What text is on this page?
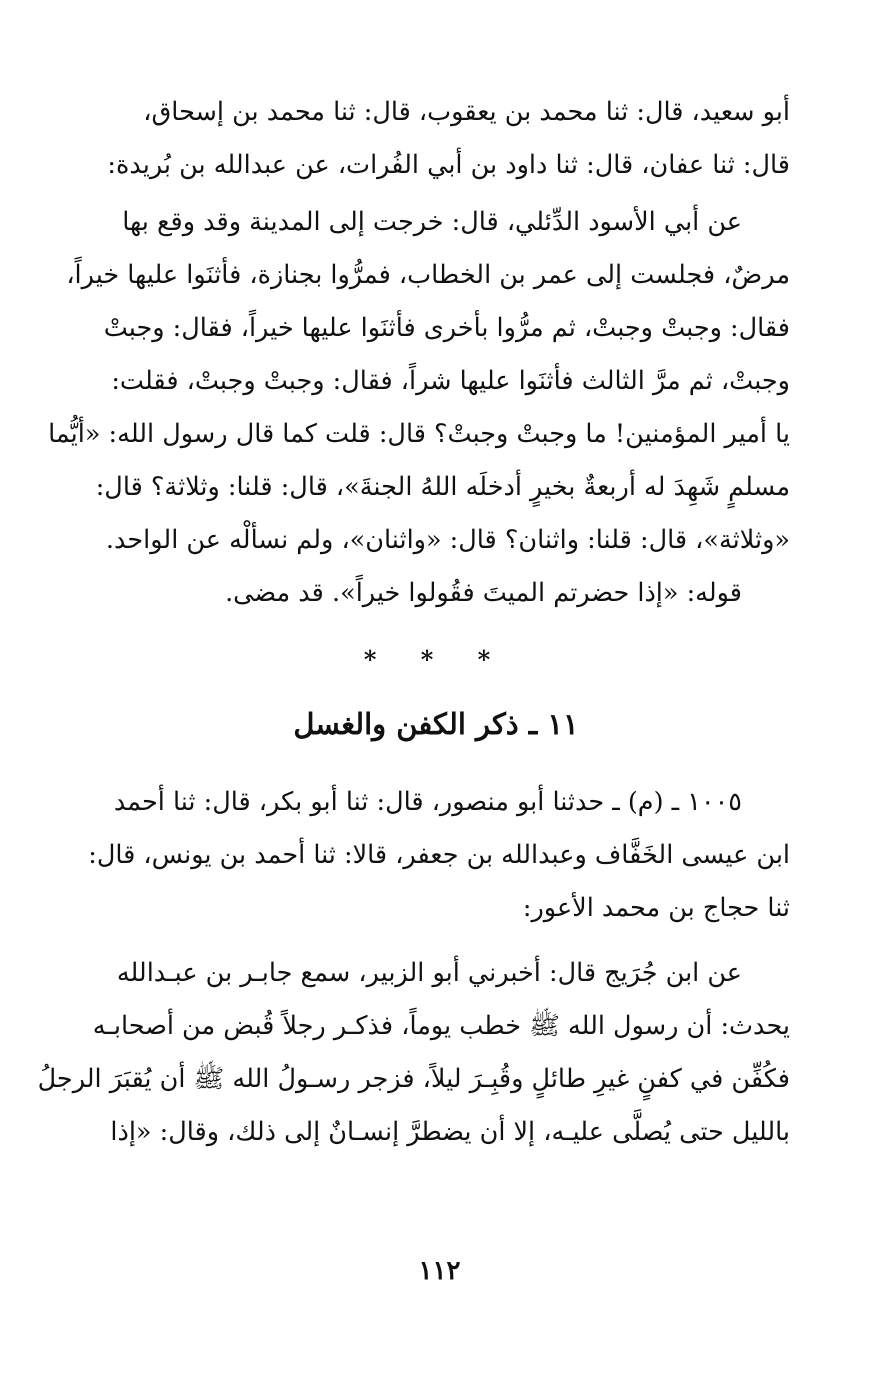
أبو سعيد، قال: ثنا محمد بن يعقوب، قال: ثنا محمد بن إسحاق،
قال: ثنا عفان، قال: ثنا داود بن أبي الفُرات، عن عبدالله بن بُريدة:

عن أبي الأسود الدِّئلي، قال: خرجت إلى المدينة وقد وقع بها
مرضٌ، فجلست إلى عمر بن الخطاب، فمرُّوا بجنازة، فأثنَوا عليها خيراً،
فقال: وجبتْ وجبتْ، ثم مرُّوا بأخرى فأثنَوا عليها خيراً، فقال: وجبتْ
وجبتْ، ثم مرَّ الثالث فأثنَوا عليها شراً، فقال: وجبتْ وجبتْ، فقلت:
يا أمير المؤمنين! ما وجبتْ وجبتْ؟ قال: قلت كما قال رسول الله: «أيُّما
مسلمٍ شَهِدَ له أربعةٌ بخيرٍ أدخلَه اللهُ الجنةَ»، قال: قلنا: وثلاثة؟ قال:
«وثلاثة»، قال: قلنا: واثنان؟ قال: «واثنان»، ولم نسألْه عن الواحد.

قوله: «إذا حضرتم الميتَ فقُولوا خيراً». قد مضى.

* * *
١١ ـ ذكر الكفن والغسل

١٠٠٥ ـ (م) ـ حدثنا أبو منصور، قال: ثنا أبو بكر، قال: ثنا أحمد
ابن عيسى الخَفَّاف وعبدالله بن جعفر، قالا: ثنا أحمد بن يونس، قال:
ثنا حجاج بن محمد الأعور:

عن ابن جُرَيج قال: أخبرني أبو الزبير، سمع جابـر بن عبـدالله
يحدث: أن رسول الله ﷺ خطب يوماً، فذكـر رجلاً قُبض من أصحابـه
فكُفِّن في كفنٍ غيرِ طائلٍ وقُبِـرَ ليلاً، فزجر رسـولُ الله ﷺ أن يُقبَرَ الرجلُ
بالليل حتى يُصلَّى عليـه، إلا أن يضطرَّ إنسـانٌ إلى ذلك، وقال: «إذا

١١٢
